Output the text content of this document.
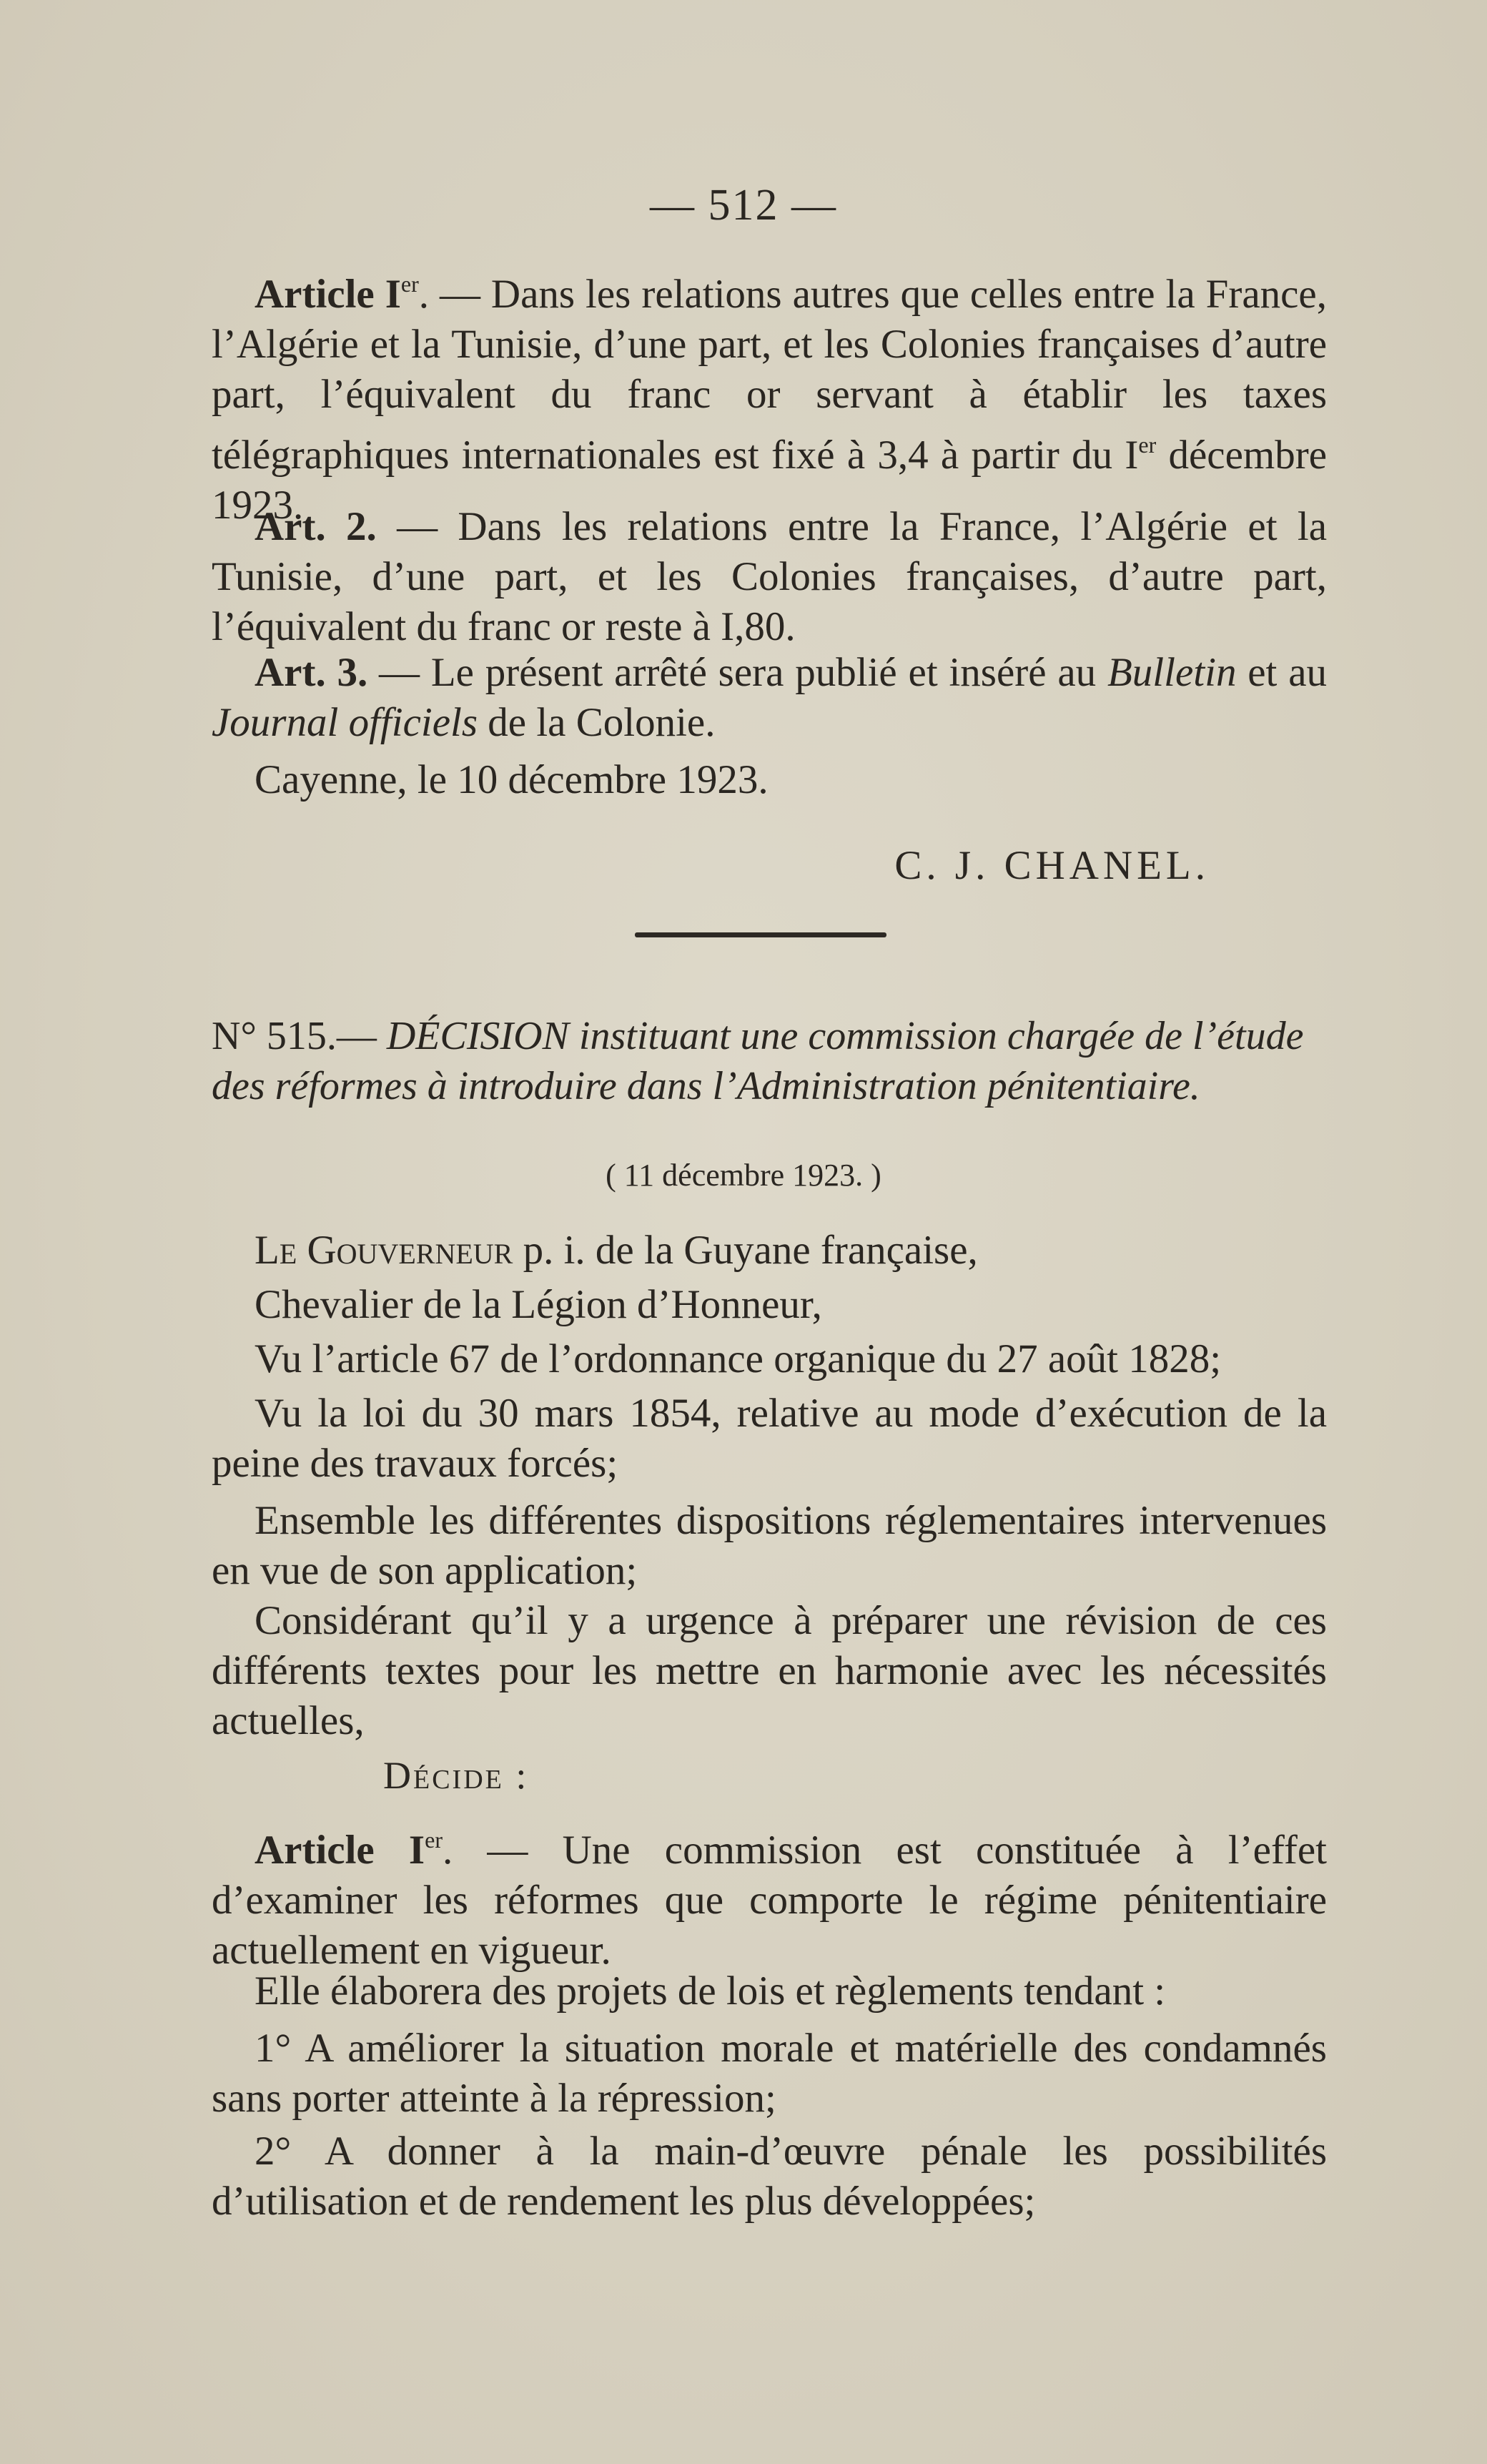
— 512 —
Article Ier. — Dans les relations autres que celles entre la France, l’Algérie et la Tunisie, d’une part, et les Colonies françaises d’autre part, l’équivalent du franc or servant à établir les taxes télégraphiques internationales est fixé à 3,4 à partir du Ier décembre 1923.
Art. 2. — Dans les relations entre la France, l’Algérie et la Tunisie, d’une part, et les Colonies françaises, d’autre part, l’équivalent du franc or reste à I,80.
Art. 3. — Le présent arrêté sera publié et inséré au Bulletin et au Journal officiels de la Colonie.
Cayenne, le 10 décembre 1923.
C. J. CHANEL.
N° 515.— DÉCISION instituant une commission chargée de l’étude des réformes à introduire dans l’Administration pénitentiaire.
( 11 décembre 1923. )
Le Gouverneur p. i. de la Guyane française,
Chevalier de la Légion d’Honneur,
Vu l’article 67 de l’ordonnance organique du 27 août 1828;
Vu la loi du 30 mars 1854, relative au mode d’exécution de la peine des travaux forcés;
Ensemble les différentes dispositions réglementaires intervenues en vue de son application;
Considérant qu’il y a urgence à préparer une révision de ces différents textes pour les mettre en harmonie avec les nécessités actuelles,
Décide :
Article Ier. — Une commission est constituée à l’effet d’examiner les réformes que comporte le régime pénitentiaire actuellement en vigueur.
Elle élaborera des projets de lois et règlements tendant :
1° A améliorer la situation morale et matérielle des condamnés sans porter atteinte à la répression;
2° A donner à la main-d’œuvre pénale les possibilités d’utilisation et de rendement les plus développées;
